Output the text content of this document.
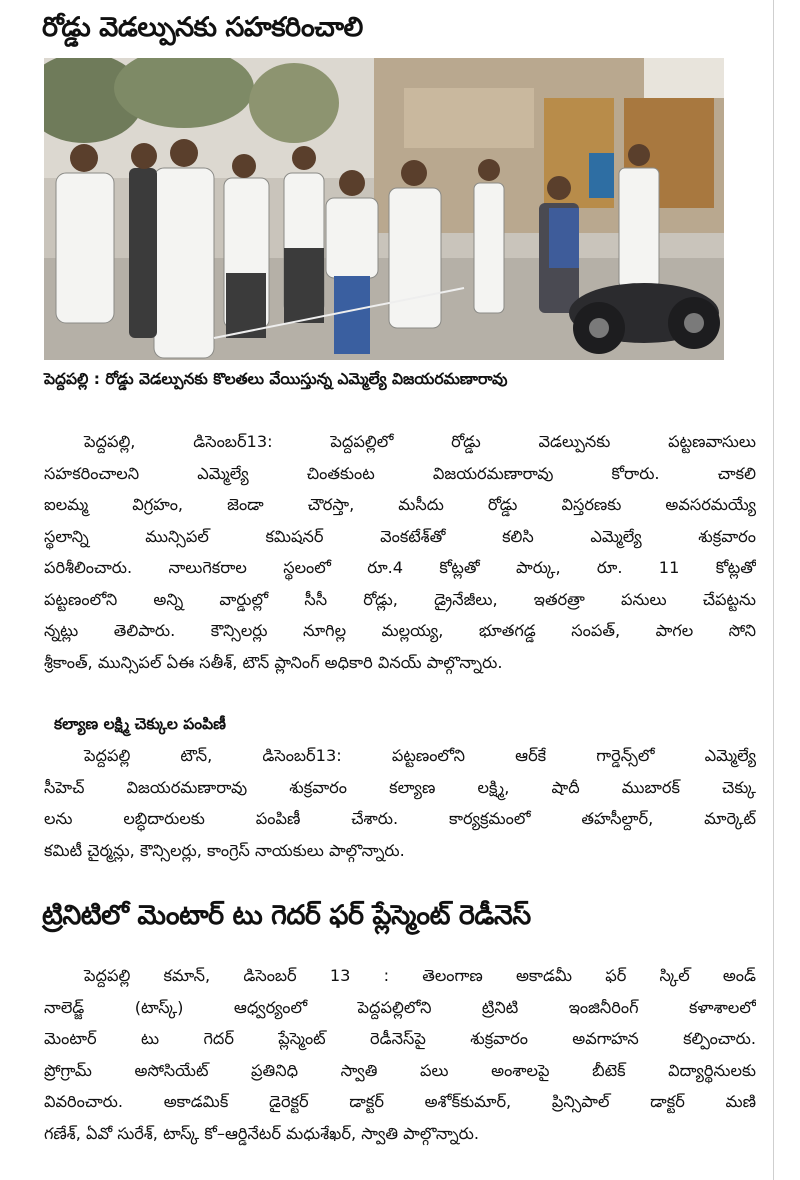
రోడ్డు వెడల్పునకు సహకరించాలి
పెద్దపల్లి : రోడ్డు వెడల్పునకు కొలతలు వేయిస్తున్న ఎమ్మెల్యే విజయరమణారావు
పెద్దపల్లి, డిసెంబర్13: పెద్దపల్లిలో రోడ్డు వెడల్పునకు పట్టణవాసులు
సహకరించాలని ఎమ్మెల్యే చింతకుంట విజయరమణారావు కోరారు. చాకలి
ఐలమ్మ విగ్రహం, జెండా చౌరస్తా, మసీదు రోడ్డు విస్తరణకు అవసరమయ్యే
స్థలాన్ని మున్సిపల్ కమిషనర్ వెంకటేశ్‌తో కలిసి ఎమ్మెల్యే శుక్రవారం
పరిశీలించారు. నాలుగెకరాల స్థలంలో రూ.4 కోట్లతో పార్కు, రూ. 11 కోట్లతో
పట్టణంలోని అన్ని వార్డుల్లో సీసీ రోడ్లు, డ్రైనేజీలు, ఇతరత్రా పనులు చేపట్టను
న్నట్లు తెలిపారు. కౌన్సిలర్లు నూగిల్ల మల్లయ్య, భూతగడ్డ సంపత్, పాగల సోని
శ్రీకాంత్, మున్సిపల్ ఏఈ సతీశ్, టౌన్ ప్లానింగ్ అధికారి వినయ్ పాల్గొన్నారు.
కల్యాణ లక్ష్మి చెక్కుల పంపిణీ
పెద్దపల్లి టౌన్, డిసెంబర్13: పట్టణంలోని ఆర్‌కే గార్డెన్స్‌లో ఎమ్మెల్యే
సీహెచ్ విజయరమణారావు శుక్రవారం కల్యాణ లక్ష్మి, షాదీ ముబారక్ చెక్కు
లను లబ్ధిదారులకు పంపిణీ చేశారు. కార్యక్రమంలో తహసీల్దార్, మార్కెట్
కమిటీ చైర్మన్లు, కౌన్సిలర్లు, కాంగ్రెస్ నాయకులు పాల్గొన్నారు.
ట్రినిటిలో మెంటార్ టు గెదర్ ఫర్ ప్లేస్మెంట్ రెడీనెస్
పెద్దపల్లి కమాన్, డిసెంబర్ 13 : తెలంగాణ అకాడమీ ఫర్ స్కిల్ అండ్
నాలెడ్జ్ (టాస్క్) ఆధ్వర్యంలో పెద్దపల్లిలోని ట్రినిటి ఇంజినీరింగ్ కళాశాలలో
మెంటార్ టు గెదర్ ప్లేస్మెంట్ రెడీనెస్‌పై శుక్రవారం అవగాహన కల్పించారు.
ప్రోగ్రామ్ అసోసియేట్ ప్రతినిధి స్వాతి పలు అంశాలపై బీటెక్ విద్యార్థినులకు
వివరించారు. అకాడమిక్ డైరెక్టర్ డాక్టర్ అశోక్‌కుమార్, ప్రిన్సిపాల్ డాక్టర్ మణి
గణేశ్, ఏవో సురేశ్, టాస్క్ కో–ఆర్డినేటర్ మధుశేఖర్, స్వాతి పాల్గొన్నారు.
